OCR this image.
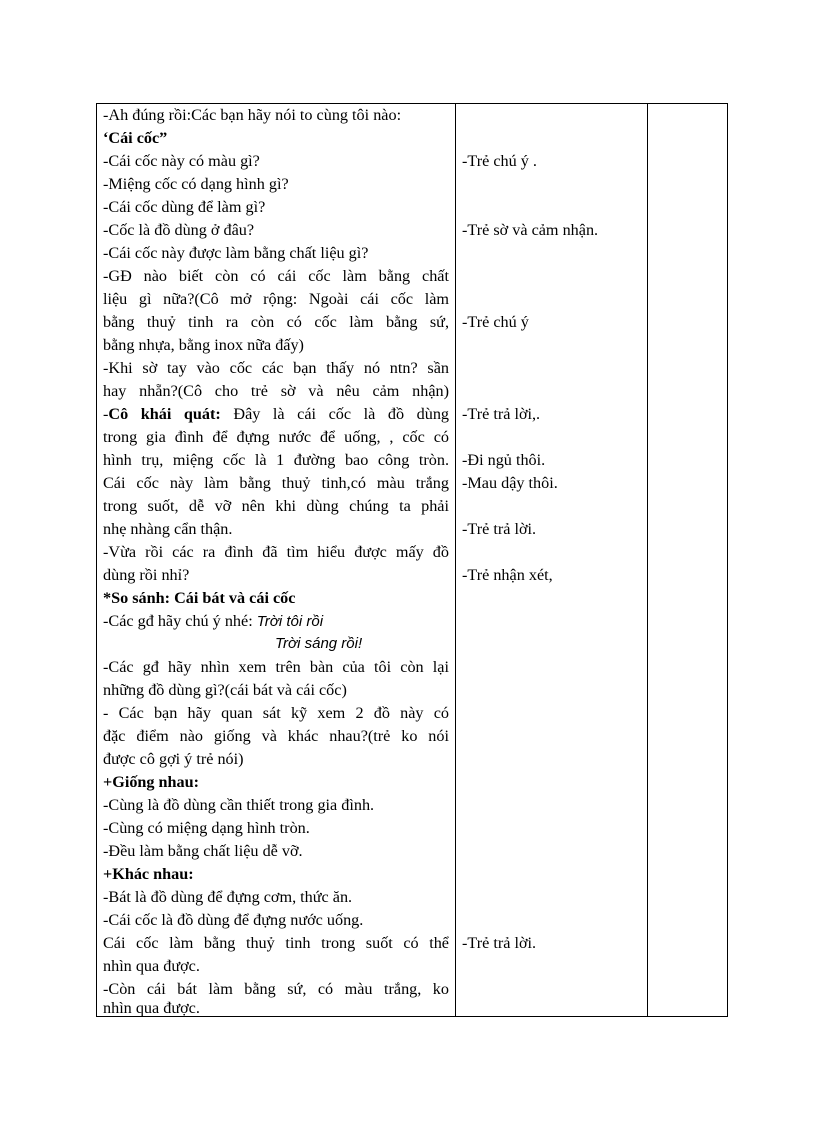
-Ah đúng rồi:Các bạn hãy nói to cùng tôi nào:
‘Cái cốc”
-Cái cốc này có màu gì?
-Miệng cốc có dạng hình gì?
-Cái cốc dùng để làm gì?
-Cốc là đồ dùng ở đâu?
-Cái cốc này được làm bằng chất liệu gì?
-GĐ nào biết còn có cái cốc làm bằng chất
liệu gì nữa?(Cô mở rộng: Ngoài cái cốc làm
bằng thuỷ tinh ra còn có cốc làm bằng sứ,
bằng nhựa, bằng inox nữa đấy)
-Khi sờ tay vào cốc các bạn thấy nó ntn? sần
hay nhẵn?(Cô cho trẻ sờ và nêu cảm nhận)
-Cô khái quát: Đây là cái cốc là đồ dùng
trong gia đình để đựng nước để uống, , cốc có
hình trụ, miệng cốc là 1 đường bao công tròn.
Cái cốc này làm bằng thuỷ tinh,có màu trắng
trong suốt, dễ vỡ nên khi dùng chúng ta phải
nhẹ nhàng cẩn thận.
-Vừa rồi các ra đình đã tìm hiểu được mấy đồ
dùng rồi nhỉ?
*So sánh: Cái bát và cái cốc
-Các gđ hãy chú ý nhé: Trời tôi rồi
Trời sáng rồi!
-Các gđ hãy nhìn xem trên bàn của tôi còn lại
những đồ dùng gì?(cái bát và cái cốc)
- Các bạn hãy quan sát kỹ xem 2 đồ này có
đặc điểm nào giống và khác nhau?(trẻ ko nói
được cô gợi ý trẻ nói)
+Giống nhau:
-Cùng là đồ dùng cần thiết trong gia đình.
-Cùng có miệng dạng hình tròn.
-Đều làm bằng chất liệu dễ vỡ.
+Khác nhau:
-Bát là đồ dùng để đựng cơm, thức ăn.
-Cái cốc là đồ dùng để đựng nước uống.
Cái cốc làm bằng thuỷ tinh trong suốt có thể
nhìn qua được.
-Còn cái bát làm bằng sứ, có màu trắng, ko
nhìn qua được.
-Trẻ chú ý .
-Trẻ sờ và cảm nhận.
-Trẻ chú ý
-Trẻ trả lời,.
-Đi ngủ thôi.
-Mau dậy thôi.
-Trẻ trả lời.
-Trẻ nhận xét,
-Trẻ trả lời.
